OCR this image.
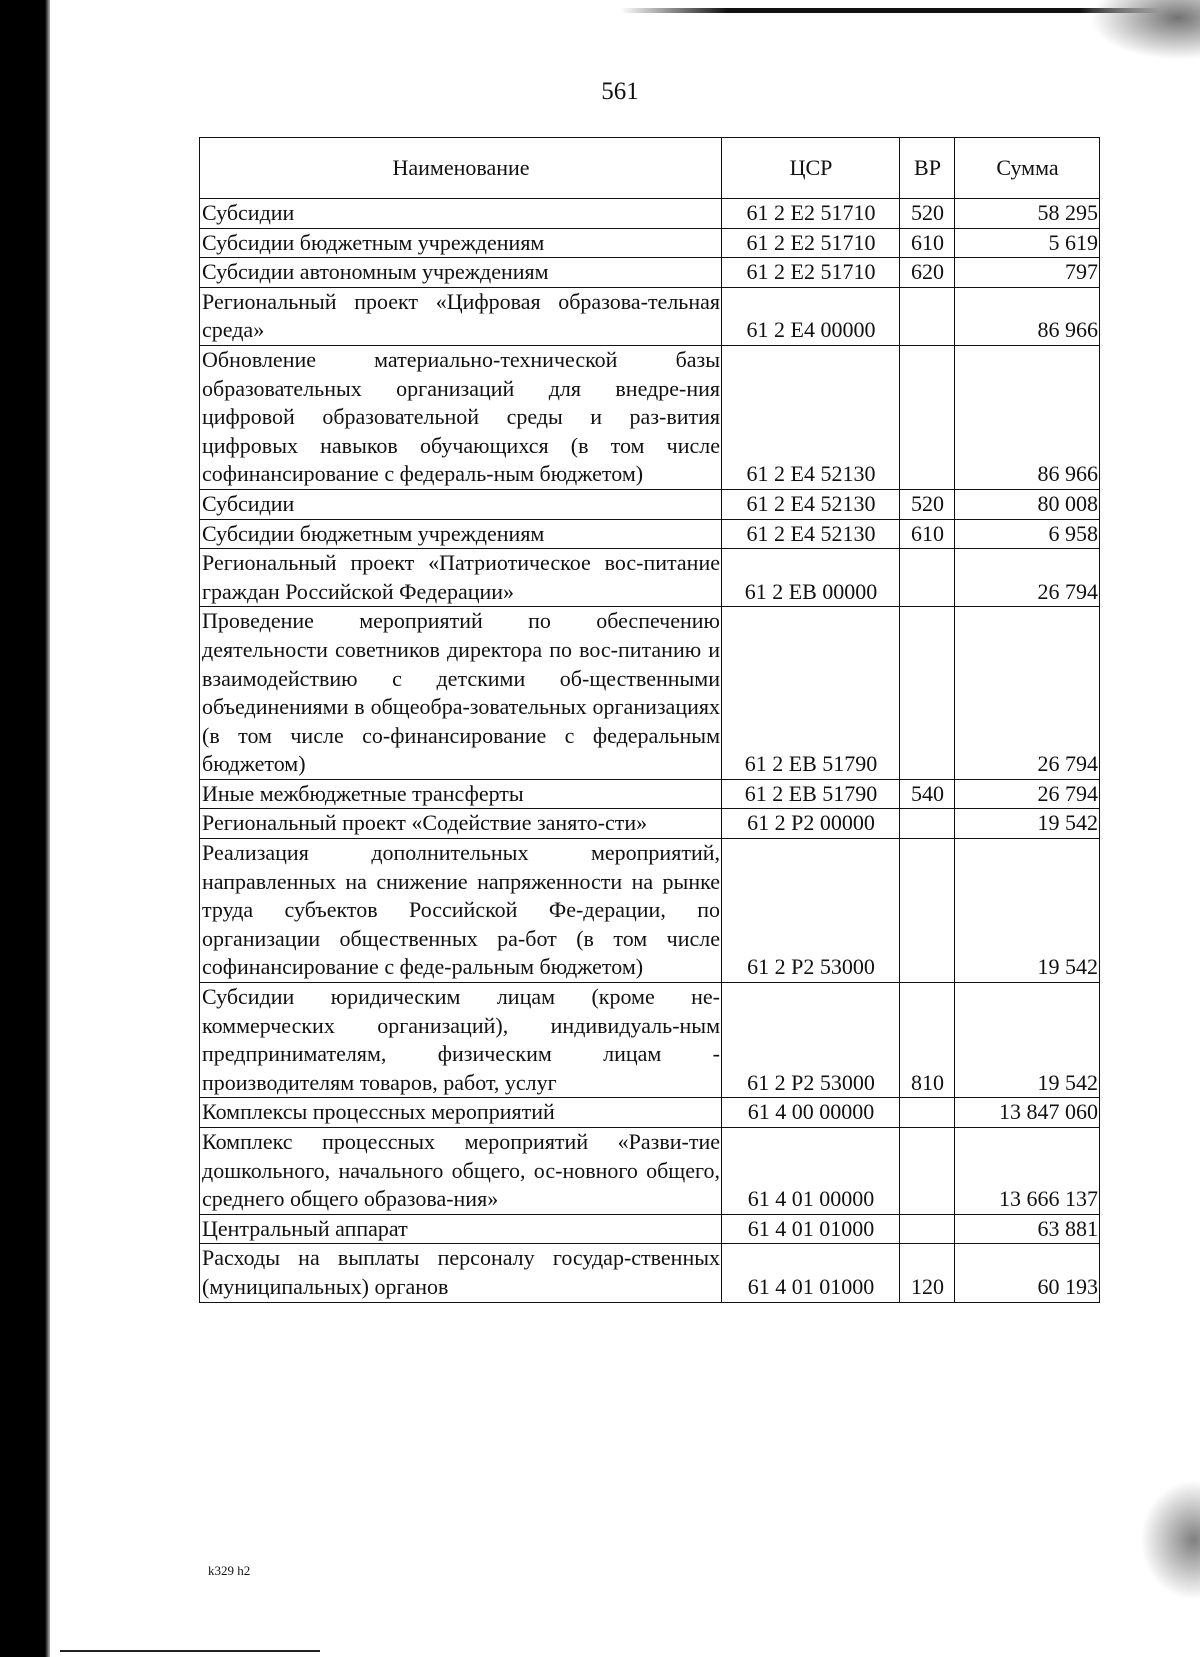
561
Наименование	ЦСР	ВР	Сумма
Субсидии	61 2 Е2 51710	520	58 295
Субсидии бюджетным учреждениям	61 2 Е2 51710	610	5 619
Субсидии автономным учреждениям	61 2 Е2 51710	620	797
Региональный проект «Цифровая образова-тельная среда»	61 2 Е4 00000		86 966
Обновление материально-технической базы образовательных организаций для внедре-ния цифровой образовательной среды и раз-вития цифровых навыков обучающихся (в том числе софинансирование с федераль-ным бюджетом)	61 2 Е4 52130		86 966
Субсидии	61 2 Е4 52130	520	80 008
Субсидии бюджетным учреждениям	61 2 Е4 52130	610	6 958
Региональный проект «Патриотическое вос-питание граждан Российской Федерации»	61 2 ЕВ 00000		26 794
Проведение мероприятий по обеспечению деятельности советников директора по вос-питанию и взаимодействию с детскими об-щественными объединениями в общеобра-зовательных организациях (в том числе со-финансирование с федеральным бюджетом)	61 2 ЕВ 51790		26 794
Иные межбюджетные трансферты	61 2 ЕВ 51790	540	26 794
Региональный проект «Содействие занято-сти»	61 2 Р2 00000		19 542
Реализация дополнительных мероприятий, направленных на снижение напряженности на рынке труда субъектов Российской Фе-дерации, по организации общественных ра-бот (в том числе софинансирование с феде-ральным бюджетом)	61 2 Р2 53000		19 542
Субсидии юридическим лицам (кроме не-коммерческих организаций), индивидуаль-ным предпринимателям, физическим лицам - производителям товаров, работ, услуг	61 2 Р2 53000	810	19 542
Комплексы процессных мероприятий	61 4 00 00000		13 847 060
Комплекс процессных мероприятий «Разви-тие дошкольного, начального общего, ос-новного общего, среднего общего образова-ния»	61 4 01 00000		13 666 137
Центральный аппарат	61 4 01 01000		63 881
Расходы на выплаты персоналу государ-ственных (муниципальных) органов	61 4 01 01000	120	60 193
k329 h2
